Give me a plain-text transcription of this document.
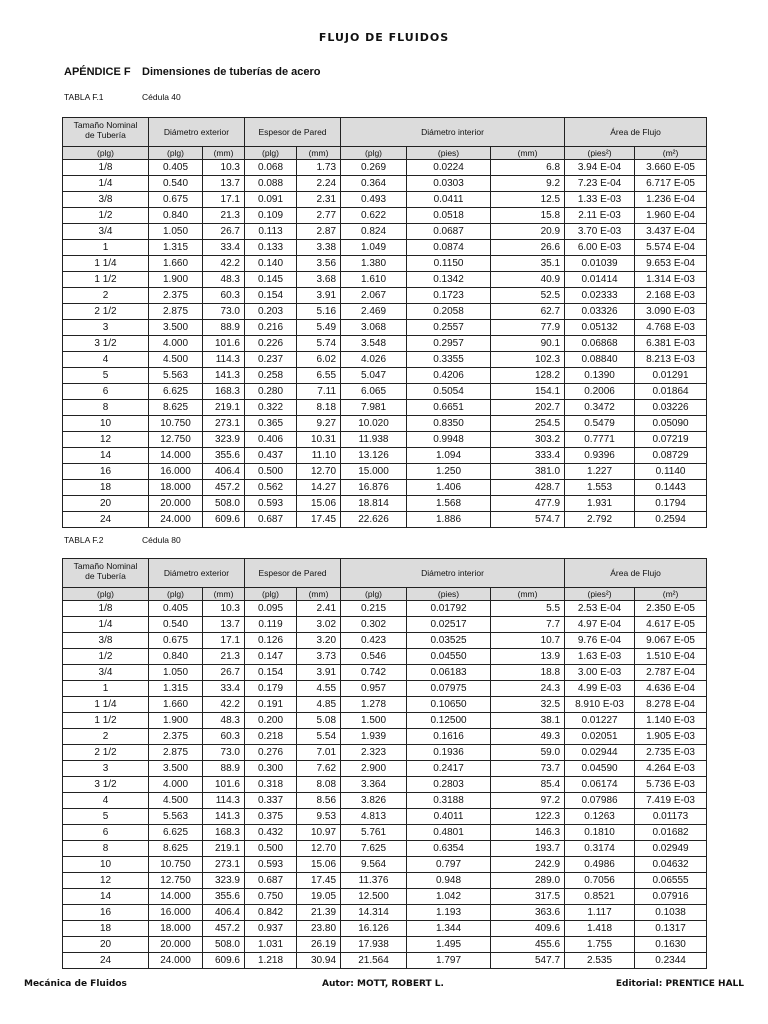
FLUJO DE FLUIDOS
APÉNDICE F Dimensiones de tuberías de acero
TABLA F.1	Cédula 40
Tamaño Nominal
de Tubería	Diámetro exterior		Espesor de Pared		Diámetro interior			Área de Flujo	
(plg)	(plg)	(mm)	(plg)	(mm)	(plg)	(pies)	(mm)	(pies²)	(m²)
1/8	0.405	10.3	0.068	1.73	0.269	0.0224	6.8	3.94 E-04	3.660 E-05
1/4	0.540	13.7	0.088	2.24	0.364	0.0303	9.2	7.23 E-04	6.717 E-05
3/8	0.675	17.1	0.091	2.31	0.493	0.0411	12.5	1.33 E-03	1.236 E-04
1/2	0.840	21.3	0.109	2.77	0.622	0.0518	15.8	2.11 E-03	1.960 E-04
3/4	1.050	26.7	0.113	2.87	0.824	0.0687	20.9	3.70 E-03	3.437 E-04
1	1.315	33.4	0.133	3.38	1.049	0.0874	26.6	6.00 E-03	5.574 E-04
1 1/4	1.660	42.2	0.140	3.56	1.380	0.1150	35.1	0.01039	9.653 E-04
1 1/2	1.900	48.3	0.145	3.68	1.610	0.1342	40.9	0.01414	1.314 E-03
2	2.375	60.3	0.154	3.91	2.067	0.1723	52.5	0.02333	2.168 E-03
2 1/2	2.875	73.0	0.203	5.16	2.469	0.2058	62.7	0.03326	3.090 E-03
3	3.500	88.9	0.216	5.49	3.068	0.2557	77.9	0.05132	4.768 E-03
3 1/2	4.000	101.6	0.226	5.74	3.548	0.2957	90.1	0.06868	6.381 E-03
4	4.500	114.3	0.237	6.02	4.026	0.3355	102.3	0.08840	8.213 E-03
5	5.563	141.3	0.258	6.55	5.047	0.4206	128.2	0.1390	0.01291
6	6.625	168.3	0.280	7.11	6.065	0.5054	154.1	0.2006	0.01864
8	8.625	219.1	0.322	8.18	7.981	0.6651	202.7	0.3472	0.03226
10	10.750	273.1	0.365	9.27	10.020	0.8350	254.5	0.5479	0.05090
12	12.750	323.9	0.406	10.31	11.938	0.9948	303.2	0.7771	0.07219
14	14.000	355.6	0.437	11.10	13.126	1.094	333.4	0.9396	0.08729
16	16.000	406.4	0.500	12.70	15.000	1.250	381.0	1.227	0.1140
18	18.000	457.2	0.562	14.27	16.876	1.406	428.7	1.553	0.1443
20	20.000	508.0	0.593	15.06	18.814	1.568	477.9	1.931	0.1794
24	24.000	609.6	0.687	17.45	22.626	1.886	574.7	2.792	0.2594
TABLA F.2	Cédula 80
Tamaño Nominal
de Tubería	Diámetro exterior		Espesor de Pared		Diámetro interior			Área de Flujo	
(plg)	(plg)	(mm)	(plg)	(mm)	(plg)	(pies)	(mm)	(pies²)	(m²)
1/8	0.405	10.3	0.095	2.41	0.215	0.01792	5.5	2.53 E-04	2.350 E-05
1/4	0.540	13.7	0.119	3.02	0.302	0.02517	7.7	4.97 E-04	4.617 E-05
3/8	0.675	17.1	0.126	3.20	0.423	0.03525	10.7	9.76 E-04	9.067 E-05
1/2	0.840	21.3	0.147	3.73	0.546	0.04550	13.9	1.63 E-03	1.510 E-04
3/4	1.050	26.7	0.154	3.91	0.742	0.06183	18.8	3.00 E-03	2.787 E-04
1	1.315	33.4	0.179	4.55	0.957	0.07975	24.3	4.99 E-03	4.636 E-04
1 1/4	1.660	42.2	0.191	4.85	1.278	0.10650	32.5	8.910 E-03	8.278 E-04
1 1/2	1.900	48.3	0.200	5.08	1.500	0.12500	38.1	0.01227	1.140 E-03
2	2.375	60.3	0.218	5.54	1.939	0.1616	49.3	0.02051	1.905 E-03
2 1/2	2.875	73.0	0.276	7.01	2.323	0.1936	59.0	0.02944	2.735 E-03
3	3.500	88.9	0.300	7.62	2.900	0.2417	73.7	0.04590	4.264 E-03
3 1/2	4.000	101.6	0.318	8.08	3.364	0.2803	85.4	0.06174	5.736 E-03
4	4.500	114.3	0.337	8.56	3.826	0.3188	97.2	0.07986	7.419 E-03
5	5.563	141.3	0.375	9.53	4.813	0.4011	122.3	0.1263	0.01173
6	6.625	168.3	0.432	10.97	5.761	0.4801	146.3	0.1810	0.01682
8	8.625	219.1	0.500	12.70	7.625	0.6354	193.7	0.3174	0.02949
10	10.750	273.1	0.593	15.06	9.564	0.797	242.9	0.4986	0.04632
12	12.750	323.9	0.687	17.45	11.376	0.948	289.0	0.7056	0.06555
14	14.000	355.6	0.750	19.05	12.500	1.042	317.5	0.8521	0.07916
16	16.000	406.4	0.842	21.39	14.314	1.193	363.6	1.117	0.1038
18	18.000	457.2	0.937	23.80	16.126	1.344	409.6	1.418	0.1317
20	20.000	508.0	1.031	26.19	17.938	1.495	455.6	1.755	0.1630
24	24.000	609.6	1.218	30.94	21.564	1.797	547.7	2.535	0.2344
Mecánica de Fluidos	Autor: MOTT, ROBERT L.	Editorial: PRENTICE HALL
